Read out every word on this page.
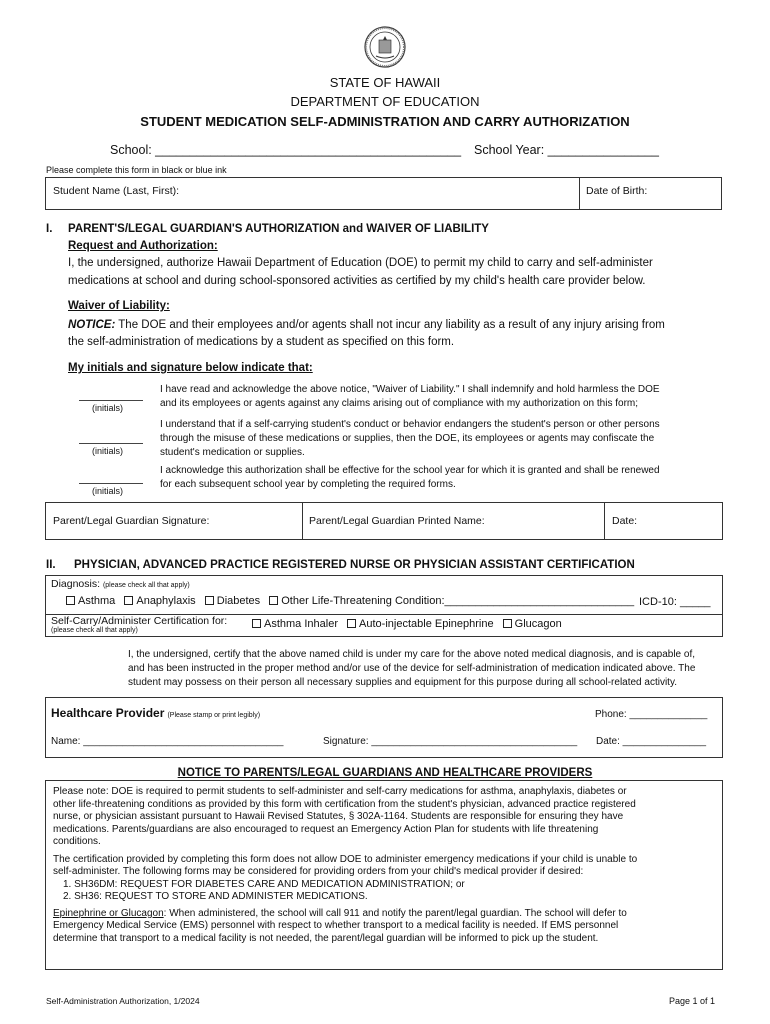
STATE OF HAWAII
DEPARTMENT OF EDUCATION
STUDENT MEDICATION SELF-ADMINISTRATION AND CARRY AUTHORIZATION
School: ____________________________________________ School Year: ________________
Please complete this form in black or blue ink
Student Name (Last, First):	Date of Birth:
I. PARENT'S/LEGAL GUARDIAN'S AUTHORIZATION and WAIVER OF LIABILITY
Request and Authorization:
I, the undersigned, authorize Hawaii Department of Education (DOE) to permit my child to carry and self-administer
medications at school and during school-sponsored activities as certified by my child's health care provider below.
Waiver of Liability:
NOTICE: The DOE and their employees and/or agents shall not incur any liability as a result of any injury arising from
the self-administration of medications by a student as specified on this form.
My initials and signature below indicate that:
(initials)
I have read and acknowledge the above notice, "Waiver of Liability." I shall indemnify and hold harmless the DOE
and its employees or agents against any claims arising out of compliance with my authorization on this form;
(initials)
I understand that if a self-carrying student's conduct or behavior endangers the student's person or other persons
through the misuse of these medications or supplies, then the DOE, its employees or agents may confiscate the
student's medication or supplies.
(initials)
I acknowledge this authorization shall be effective for the school year for which it is granted and shall be renewed
for each subsequent school year by completing the required forms.
Parent/Legal Guardian Signature:	Parent/Legal Guardian Printed Name:	Date:
II. PHYSICIAN, ADVANCED PRACTICE REGISTERED NURSE OR PHYSICIAN ASSISTANT CERTIFICATION
Diagnosis: (please check all that apply)
Asthma Anaphylaxis Diabetes Other Life-Threatening Condition:_______________________________ ICD-10: _____
Self-Carry/Administer Certification for:
(please check all that apply)
Asthma Inhaler Auto-injectable Epinephrine Glucagon
I, the undersigned, certify that the above named child is under my care for the above noted medical diagnosis, and is capable of,
and has been instructed in the proper method and/or use of the device for self-administration of medication indicated above. The
student may possess on their person all necessary supplies and equipment for this purpose during all school-related activity.
Healthcare Provider (Please stamp or print legibly)	Phone: ______________
Name: ____________________________________	Signature: _____________________________________ Date: _______________
NOTICE TO PARENTS/LEGAL GUARDIANS AND HEALTHCARE PROVIDERS

Please note: DOE is required to permit students to self-administer and self-carry medications for asthma, anaphylaxis, diabetes or

other life-threatening conditions as provided by this form with certification from the student's physician, advanced practice registered

nurse, or physician assistant pursuant to Hawaii Revised Statutes, § 302A-1164. Students are responsible for ensuring they have

medications. Parents/guardians are also encouraged to request an Emergency Action Plan for students with life threatening

conditions.

The certification provided by completing this form does not allow DOE to administer emergency medications if your child is unable to

self-administer. The following forms may be considered for providing orders from your child's medical provider if desired:

1. SH36DM: REQUEST FOR DIABETES CARE AND MEDICATION ADMINISTRATION; or

2. SH36: REQUEST TO STORE AND ADMINISTER MEDICATIONS.

Epinephrine or Glucagon: When administered, the school will call 911 and notify the parent/legal guardian. The school will defer to

Emergency Medical Service (EMS) personnel with respect to whether transport to a medical facility is needed. If EMS personnel

determine that transport to a medical facility is not needed, the parent/legal guardian will be informed to pick up the student.

Self-Administration Authorization, 1/2024	Page 1 of 1
